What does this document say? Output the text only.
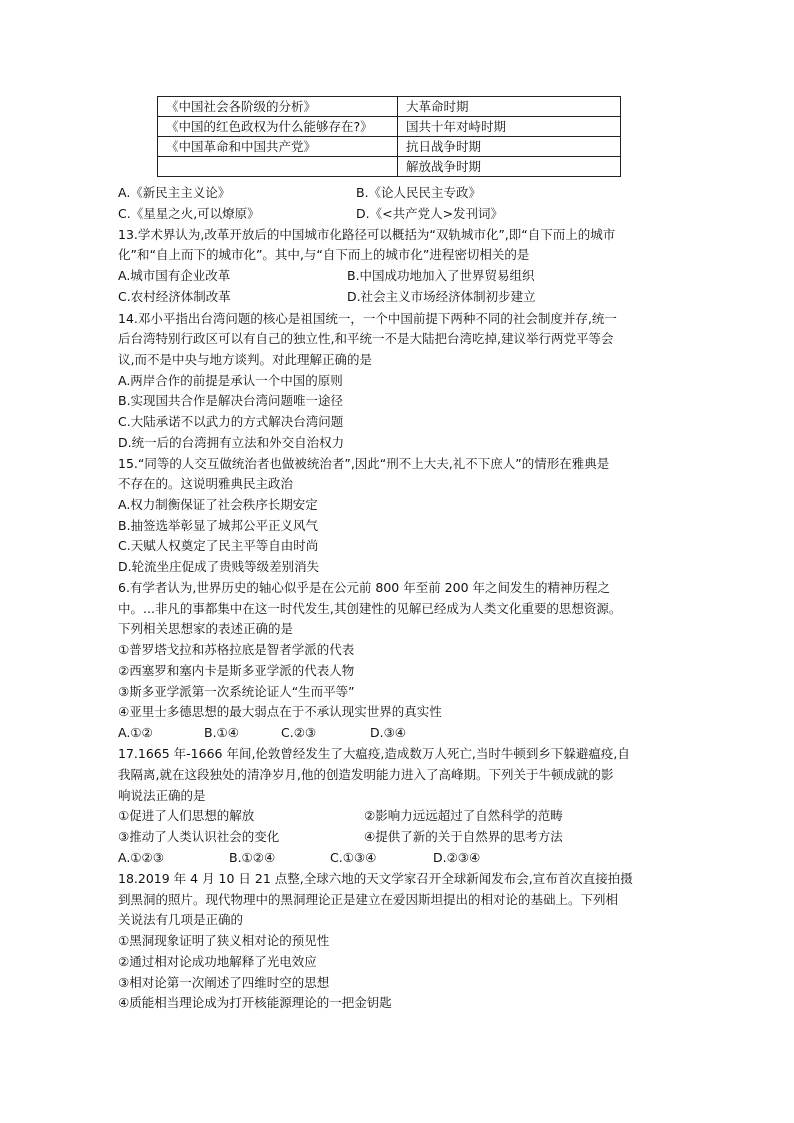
《中国社会各阶级的分析》	大革命时期
《中国的红色政权为什么能够存在?》	国共十年对峙时期
《中国革命和中国共产党》	抗日战争时期
	解放战争时期
A.《新民主主义论》	B.《论人民民主专政》
C.《星星之火,可以燎原》	D.《<共产党人>发刊词》
13.学术界认为,改革开放后的中国城市化路径可以概括为“双轨城市化”,即“自下而上的城市
化”和“自上而下的城市化”。其中,与“自下而上的城市化”进程密切相关的是
A.城市国有企业改革	B.中国成功地加入了世界贸易组织
C.农村经济体制改革	D.社会主义市场经济体制初步建立
14.邓小平指出台湾问题的核心是祖国统一，一个中国前提下两种不同的社会制度并存,统一
后台湾特别行政区可以有自己的独立性,和平统一不是大陆把台湾吃掉,建议举行两党平等会
议,而不是中央与地方谈判。对此理解正确的是
A.两岸合作的前提是承认一个中国的原则
B.实现国共合作是解决台湾问题唯一途径
C.大陆承诺不以武力的方式解决台湾问题
D.统一后的台湾拥有立法和外交自治权力
15.“同等的人交互做统治者也做被统治者”,因此“刑不上大夫,礼不下庶人”的情形在雅典是
不存在的。这说明雅典民主政治
A.权力制衡保证了社会秩序长期安定
B.抽签选举彰显了城邦公平正义风气
C.天赋人权奠定了民主平等自由时尚
D.轮流坐庄促成了贵贱等级差别消失
6.有学者认为,世界历史的轴心似乎是在公元前 800 年至前 200 年之间发生的精神历程之
中。...非凡的事都集中在这一时代发生,其创建性的见解已经成为人类文化重要的思想资源。
下列相关思想家的表述正确的是
①普罗塔戈拉和苏格拉底是智者学派的代表
②西塞罗和塞内卡是斯多亚学派的代表人物
③斯多亚学派第一次系统论证人“生而平等”
④亚里士多德思想的最大弱点在于不承认现实世界的真实性
A.①②	B.①④	C.②③	D.③④
17.1665 年-1666 年间,伦敦曾经发生了大瘟疫,造成数万人死亡,当时牛顿到乡下躲避瘟疫,自
我隔离,就在这段独处的清净岁月,他的创造发明能力进入了高峰期。下列关于牛顿成就的影
响说法正确的是
①促进了人们思想的解放	②影响力远远超过了自然科学的范畴
③推动了人类认识社会的变化	④提供了新的关于自然界的思考方法
A.①②③	B.①②④	C.①③④	D.②③④
18.2019 年 4 月 10 日 21 点整,全球六地的天文学家召开全球新闻发布会,宣布首次直接拍摄
到黑洞的照片。现代物理中的黑洞理论正是建立在爱因斯坦提出的相对论的基础上。下列相
关说法有几项是正确的
①黑洞现象证明了狭义相对论的预见性
②通过相对论成功地解释了光电效应
③相对论第一次阐述了四维时空的思想
④质能相当理论成为打开核能源理论的一把金钥匙
